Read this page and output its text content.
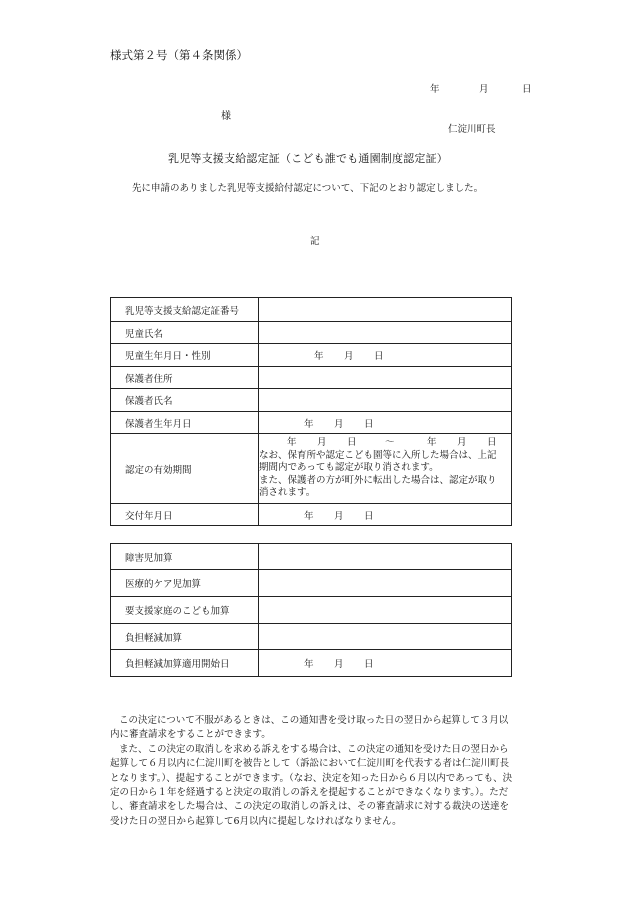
様式第２号（第４条関係）
年	月	日
様
仁淀川町長
乳児等支援支給認定証（こども誰でも通園制度認定証）
先に申請のありました乳児等支援給付認定について、下記のとおり認定しました。
記
乳児等支援支給認定証番号	
児童氏名	
児童生年月日・性別	年 月 日
保護者住所	
保護者氏名	
保護者生年月日	年 月 日
認定の有効期間	年 月 日 ～ 年 月 日
なお、保育所や認定こども園等に入所した場合は、上記期間内であっても認定が取り消されます。
また、保護者の方が町外に転出した場合は、認定が取り消されます。

交付年月日	年 月 日
障害児加算	
医療的ケア児加算	
要支援家庭のこども加算	
負担軽減加算	
負担軽減加算適用開始日	年 月 日

この決定について不服があるときは、この通知書を受け取った日の翌日から起算して３月以内に審査請求をすることができます。

また、この決定の取消しを求める訴えをする場合は、この決定の通知を受けた日の翌日から起算して６月以内に仁淀川町を被告として（訴訟において仁淀川町を代表する者は仁淀川町長となります。）、提起することができます。（なお、決定を知った日から６月以内であっても、決定の日から１年を経過すると決定の取消しの訴えを提起することができなくなります。）。ただし、審査請求をした場合は、この決定の取消しの訴えは、その審査請求に対する裁決の送達を受けた日の翌日から起算して6月以内に提起しなければなりません。
